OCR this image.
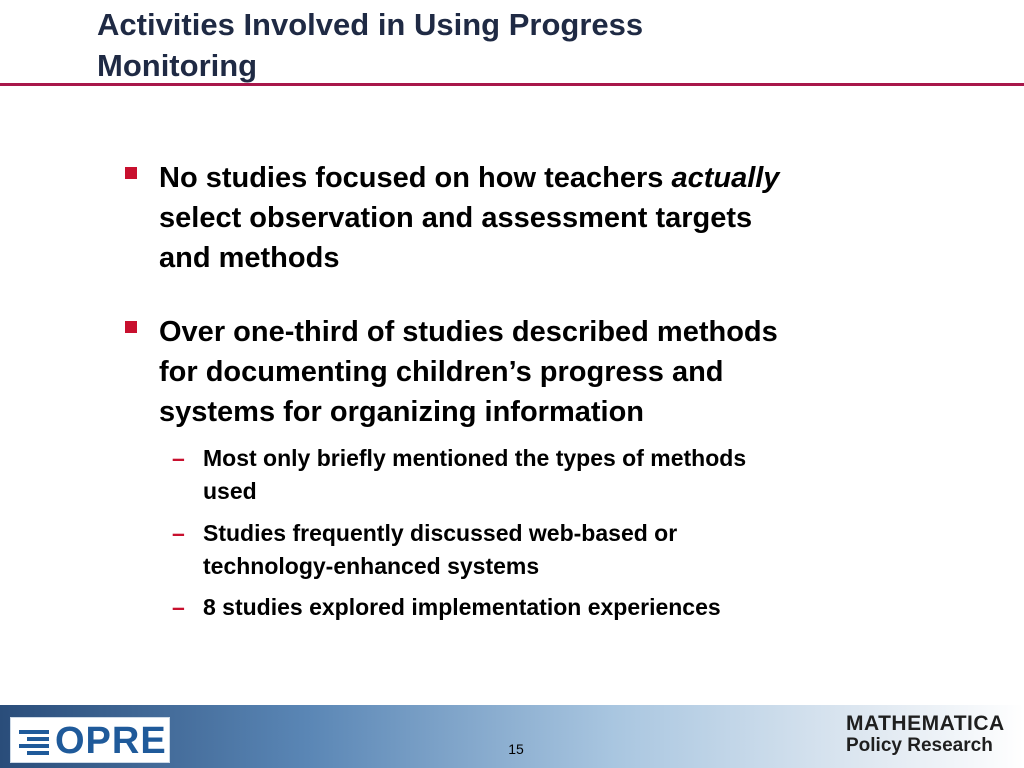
Activities Involved in Using Progress
Monitoring
No studies focused on how teachers actually
select observation and assessment targets
and methods
Over one-third of studies described methods
for documenting children’s progress and
systems for organizing information
– Most only briefly mentioned the types of methods
used
– Studies frequently discussed web-based or
technology-enhanced systems
– 8 studies explored implementation experiences
OPRE	15
MATHEMATICA
Policy Research
